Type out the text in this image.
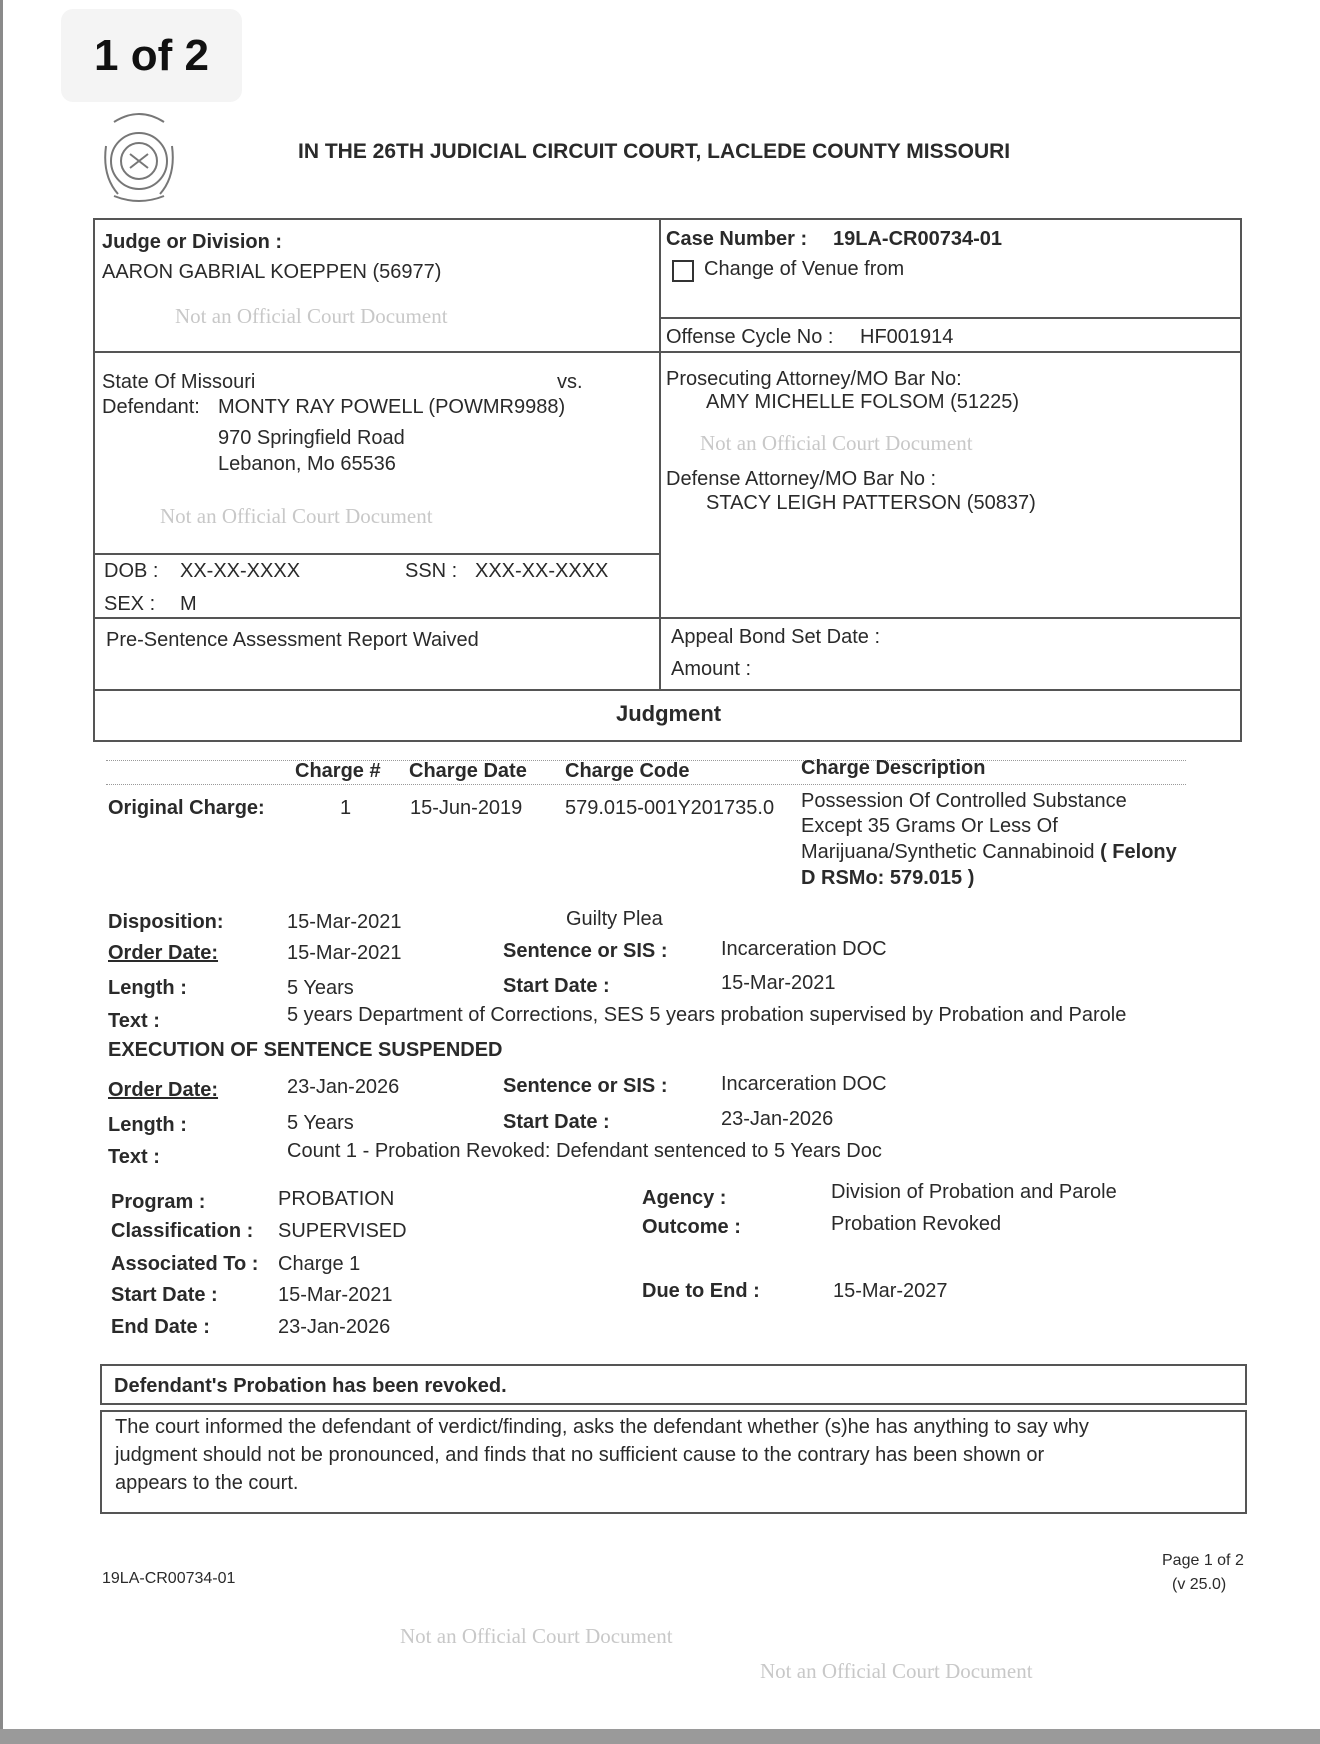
1 of 2
Not an Official Court Document
Not an Official Court Document
Not an Official Court Document
Not an Official Court Document
Not an Official Court Document
IN THE 26TH JUDICIAL CIRCUIT COURT, LACLEDE COUNTY MISSOURI
Judge or Division :
AARON GABRIAL KOEPPEN (56977)
Case Number : 19LA-CR00734-01
Change of Venue from
Offense Cycle No : HF001914
State Of Missouri	vs.
Defendant: MONTY RAY POWELL (POWMR9988)
970 Springfield Road
Lebanon, Mo 65536
Prosecuting Attorney/MO Bar No:
AMY MICHELLE FOLSOM (51225)
Defense Attorney/MO Bar No :
STACY LEIGH PATTERSON (50837)
DOB : XX-XX-XXXX	SSN : XXX-XX-XXXX
SEX : M
Pre-Sentence Assessment Report Waived	Appeal Bond Set Date :
Amount :
Judgment
Charge # Charge Date Charge Code	Charge Description
Original Charge:	1	15-Jun-2019 579.015-001Y201735.0 Possession Of Controlled Substance
Except 35 Grams Or Less Of
Marijuana/Synthetic Cannabinoid ( Felony
D RSMo: 579.015 )
Disposition:	15-Mar-2021	Guilty Plea
Order Date:	15-Mar-2021	Sentence or SIS :	Incarceration DOC
Length :	5 Years	Start Date :	15-Mar-2021
Text :	5 years Department of Corrections, SES 5 years probation supervised by Probation and Parole
EXECUTION OF SENTENCE SUSPENDED
Order Date:	23-Jan-2026	Sentence or SIS :	Incarceration DOC
Length :	5 Years	Start Date :	23-Jan-2026
Text :	Count 1 - Probation Revoked: Defendant sentenced to 5 Years Doc
Program :	PROBATION	Agency :	Division of Probation and Parole
Classification : SUPERVISED	Outcome :	Probation Revoked
Associated To : Charge 1
Start Date :	15-Mar-2021	Due to End :	15-Mar-2027
End Date :	23-Jan-2026
Defendant's Probation has been revoked.
The court informed the defendant of verdict/finding, asks the defendant whether (s)he has anything to say why
judgment should not be pronounced, and finds that no sufficient cause to the contrary has been shown or
appears to the court.
19LA-CR00734-01
Page 1 of 2
(v 25.0)
